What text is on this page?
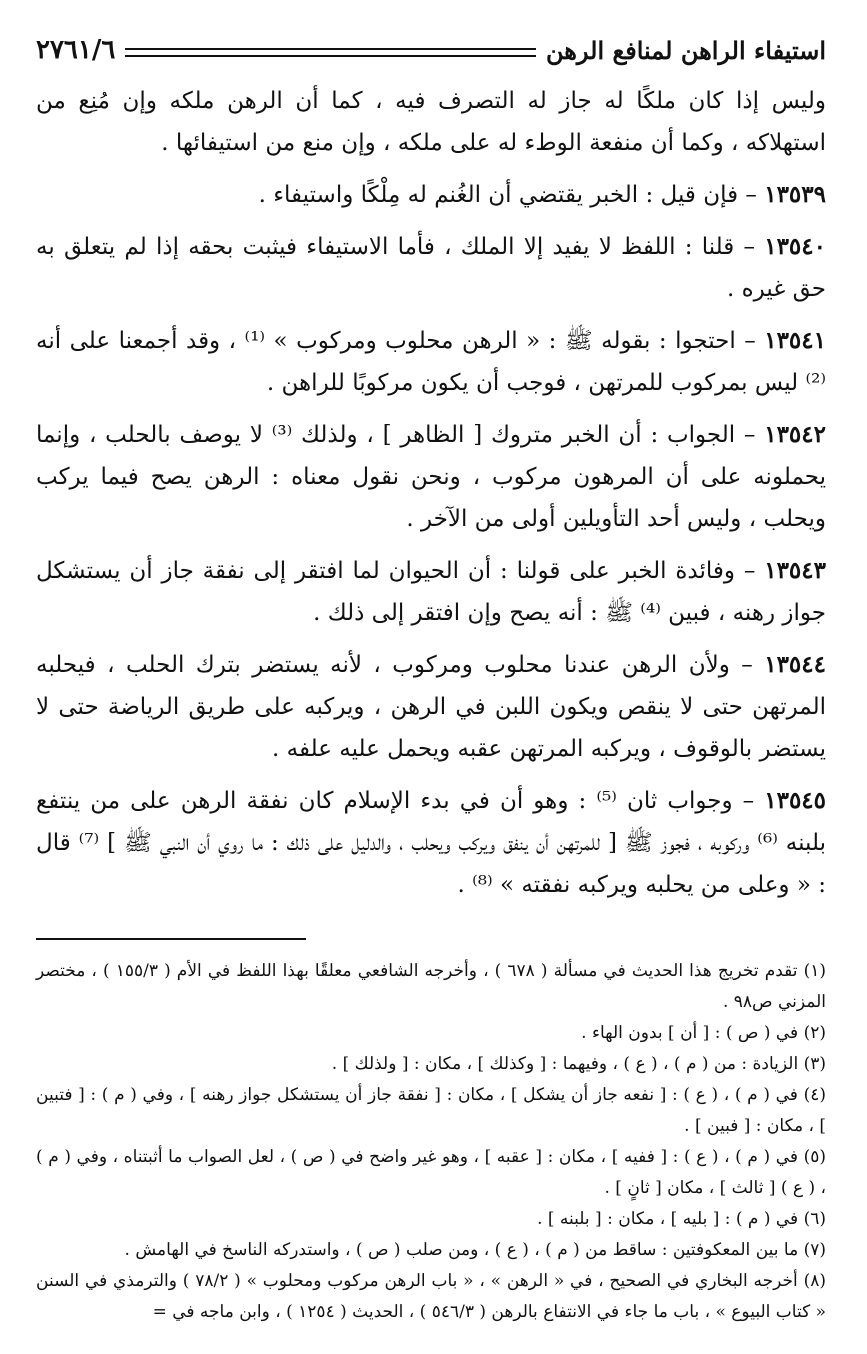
استيفاء الراهن لمنافع الرهن
٢٧٦١/٦

وليس إذا كان ملكًا له جاز له التصرف فيه ، كما أن الرهن ملكه وإن مُنِع من استهلاكه ، وكما أن منفعة الوطء له على ملكه ، وإن منع من استيفائها .

١٣٥٣٩ – فإن قيل : الخبر يقتضي أن الغُنم له مِلْكًا واستيفاء .

١٣٥٤٠ – قلنا : اللفظ لا يفيد إلا الملك ، فأما الاستيفاء فيثبت بحقه إذا لم يتعلق به حق غيره .

١٣٥٤١ – احتجوا : بقوله ﷺ : « الرهن محلوب ومركوب » ⁽¹⁾ ، وقد أجمعنا على أنه ⁽²⁾ ليس بمركوب للمرتهن ، فوجب أن يكون مركوبًا للراهن .

١٣٥٤٢ – الجواب : أن الخبر متروك [ الظاهر ] ، ولذلك ⁽³⁾ لا يوصف بالحلب ، وإنما يحملونه على أن المرهون مركوب ، ونحن نقول معناه : الرهن يصح فيما يركب ويحلب ، وليس أحد التأويلين أولى من الآخر .

١٣٥٤٣ – وفائدة الخبر على قولنا : أن الحيوان لما افتقر إلى نفقة جاز أن يستشكل جواز رهنه ، فبين ⁽⁴⁾ ﷺ : أنه يصح وإن افتقر إلى ذلك .

١٣٥٤٤ – ولأن الرهن عندنا محلوب ومركوب ، لأنه يستضر بترك الحلب ، فيحلبه المرتهن حتى لا ينقص ويكون اللبن في الرهن ، ويركبه على طريق الرياضة حتى لا يستضر بالوقوف ، ويركبه المرتهن عقبه ويحمل عليه علفه .

١٣٥٤٥ – وجواب ثان ⁽⁵⁾ : وهو أن في بدء الإسلام كان نفقة الرهن على من ينتفع بلبنه ⁽⁶⁾ وركوبه ، فجوز ﷺ [ للمرتهن أن ينفق ويركب ويحلب ، والدليل على ذلك : ما روي أن النبي ﷺ ] ⁽⁷⁾ قال : « وعلى من يحلبه ويركبه نفقته » ⁽⁸⁾ .

(١) تقدم تخريج هذا الحديث في مسألة ( ٦٧٨ ) ، وأخرجه الشافعي معلقًا بهذا اللفظ في الأم ( ١٥٥/٣ ) ، مختصر المزني ص٩٨ .

(٢) في ( ص ) : [ أن ] بدون الهاء .

(٣) الزيادة : من ( م ) ، ( ع ) ، وفيهما : [ وكذلك ] ، مكان : [ ولذلك ] .

(٤) في ( م ) ، ( ع ) : [ نفعه جاز أن يشكل ] ، مكان : [ نفقة جاز أن يستشكل جواز رهنه ] ، وفي ( م ) : [ فتبين ] ، مكان : [ فبين ] .

(٥) في ( م ) ، ( ع ) : [ ففيه ] ، مكان : [ عقبه ] ، وهو غير واضح في ( ص ) ، لعل الصواب ما أثبتناه ، وفي ( م ) ، ( ع ) [ ثالث ] ، مكان [ ثانٍ ] .

(٦) في ( م ) : [ بليه ] ، مكان : [ بلبنه ] .

(٧) ما بين المعكوفتين : ساقط من ( م ) ، ( ع ) ، ومن صلب ( ص ) ، واستدركه الناسخ في الهامش .

(٨) أخرجه البخاري في الصحيح ، في « الرهن » ، « باب الرهن مركوب ومحلوب » ( ٧٨/٢ ) والترمذي في السنن « كتاب البيوع » ، باب ما جاء في الانتفاع بالرهن ( ٥٤٦/٣ ) ، الحديث ( ١٢٥٤ ) ، وابن ماجه في =
